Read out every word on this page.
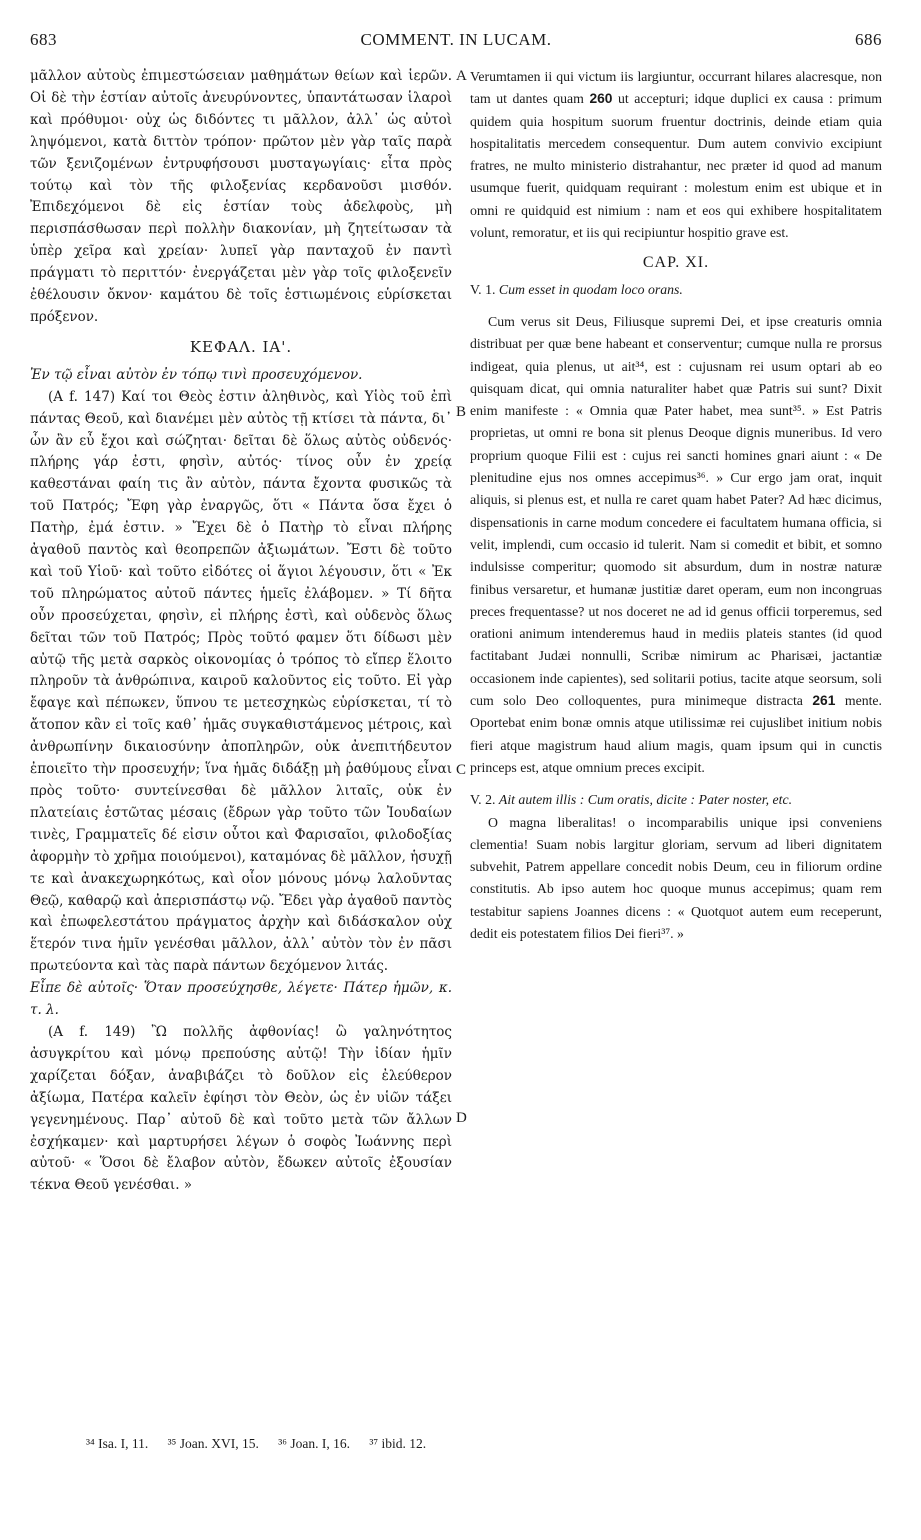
683	COMMENT. IN LUCAM.	686
A
B
C
D

μᾶλλον αὐτοὺς ἐπιμεστώσειαν μαθημάτων θείων καὶ ἱερῶν. Οἱ δὲ τὴν ἑστίαν αὐτοῖς ἀνευρύνοντες, ὑπαντάτωσαν ἱλαροὶ καὶ πρόθυμοι· οὐχ ὡς διδόντες τι μᾶλλον, ἀλλ᾽ ὡς αὐτοὶ ληψόμενοι, κατὰ διττὸν τρόπον· πρῶτον μὲν γὰρ ταῖς παρὰ τῶν ξενιζομένων ἐντρυφήσουσι μυσταγωγίαις· εἶτα πρὸς τούτῳ καὶ τὸν τῆς φιλοξενίας κερδανοῦσι μισθόν. Ἐπιδεχόμενοι δὲ εἰς ἑστίαν τοὺς ἀδελφοὺς, μὴ περισπάσθωσαν περὶ πολλὴν διακονίαν, μὴ ζητείτωσαν τὰ ὑπὲρ χεῖρα καὶ χρείαν· λυπεῖ γὰρ πανταχοῦ ἐν παντὶ πράγματι τὸ περιττόν· ἐνεργάζεται μὲν γὰρ τοῖς φιλοξενεῖν ἐθέλουσιν ὄκνον· καμάτου δὲ τοῖς ἑστιωμένοις εὑρίσκεται πρόξενον.

ΚΕΦΑΛ. ΙΑ'.

Ἐν τῷ εἶναι αὐτὸν ἐν τόπῳ τινὶ προσευχόμενον.

(A f. 147) Καί τοι Θεὸς ἐστιν ἀληθινὸς, καὶ Υἱὸς τοῦ ἐπὶ πάντας Θεοῦ, καὶ διανέμει μὲν αὐτὸς τῇ κτίσει τὰ πάντα, δι᾽ ὧν ἂν εὖ ἔχοι καὶ σώζηται· δεῖται δὲ ὅλως αὐτὸς οὐδενός· πλήρης γάρ ἐστι, φησὶν, αὐτός· τίνος οὖν ἐν χρείᾳ καθεστάναι φαίη τις ἂν αὐτὸν, πάντα ἔχοντα φυσικῶς τὰ τοῦ Πατρός; Ἔφη γὰρ ἐναργῶς, ὅτι « Πάντα ὅσα ἔχει ὁ Πατὴρ, ἐμά ἐστιν. » Ἔχει δὲ ὁ Πατὴρ τὸ εἶναι πλήρης ἀγαθοῦ παντὸς καὶ θεοπρεπῶν ἀξιωμάτων. Ἔστι δὲ τοῦτο καὶ τοῦ Υἱοῦ· καὶ τοῦτο εἰδότες οἱ ἅγιοι λέγουσιν, ὅτι « Ἐκ τοῦ πληρώματος αὐτοῦ πάντες ἡμεῖς ἐλάβομεν. » Τί δῆτα οὖν προσεύχεται, φησὶν, εἰ πλήρης ἐστὶ, καὶ οὐδενὸς ὅλως δεῖται τῶν τοῦ Πατρός; Πρὸς τοῦτό φαμεν ὅτι δίδωσι μὲν αὐτῷ τῆς μετὰ σαρκὸς οἰκονομίας ὁ τρόπος τὸ εἴπερ ἕλοιτο πληροῦν τὰ ἀνθρώπινα, καιροῦ καλοῦντος εἰς τοῦτο. Εἰ γὰρ ἔφαγε καὶ πέπωκεν, ὕπνου τε μετεσχηκὼς εὑρίσκεται, τί τὸ ἄτοπον κἂν εἰ τοῖς καθ᾽ ἡμᾶς συγκαθιστάμενος μέτροις, καὶ ἀνθρωπίνην δικαιοσύνην ἀποπληρῶν, οὐκ ἀνεπιτήδευτον ἐποιεῖτο τὴν προσευχήν; ἵνα ἡμᾶς διδάξῃ μὴ ῥαθύμους εἶναι πρὸς τοῦτο· συντείνεσθαι δὲ μᾶλλον λιταῖς, οὐκ ἐν πλατείαις ἑστῶτας μέσαις (ἔδρων γὰρ τοῦτο τῶν Ἰουδαίων τινὲς, Γραμματεῖς δέ εἰσιν οὗτοι καὶ Φαρισαῖοι, φιλοδοξίας ἀφορμὴν τὸ χρῆμα ποιούμενοι), καταμόνας δὲ μᾶλλον, ἡσυχῇ τε καὶ ἀνακεχωρηκότως, καὶ οἷον μόνους μόνῳ λαλοῦντας Θεῷ, καθαρῷ καὶ ἀπερισπάστῳ νῷ. Ἔδει γὰρ ἀγαθοῦ παντὸς καὶ ἐπωφελεστάτου πράγματος ἀρχὴν καὶ διδάσκαλον οὐχ ἕτερόν τινα ἡμῖν γενέσθαι μᾶλλον, ἀλλ᾽ αὐτὸν τὸν ἐν πᾶσι πρωτεύοντα καὶ τὰς παρὰ πάντων δεχόμενον λιτάς.

Εἶπε δὲ αὐτοῖς· Ὅταν προσεύχησθε, λέγετε· Πάτερ ἡμῶν, κ. τ. λ.

(A f. 149) Ὢ πολλῆς ἀφθονίας! ὢ γαληνότητος ἀσυγκρίτου καὶ μόνῳ πρεπούσης αὐτῷ! Τὴν ἰδίαν ἡμῖν χαρίζεται δόξαν, ἀναβιβάζει τὸ δοῦλον εἰς ἐλεύθερον ἀξίωμα, Πατέρα καλεῖν ἐφίησι τὸν Θεὸν, ὡς ἐν υἱῶν τάξει γεγενημένους. Παρ᾽ αὐτοῦ δὲ καὶ τοῦτο μετὰ τῶν ἄλλων ἐσχήκαμεν· καὶ μαρτυρήσει λέγων ὁ σοφὸς Ἰωάννης περὶ αὐτοῦ· « Ὅσοι δὲ ἔλαβον αὐτὸν, ἔδωκεν αὐτοῖς ἐξουσίαν τέκνα Θεοῦ γενέσθαι. »

Verumtamen ii qui victum iis largiuntur, occurrant hilares alacresque, non tam ut dantes quam 260 ut accepturi; idque duplici ex causa : primum quidem quia hospitum suorum fruentur doctrinis, deinde etiam quia hospitalitatis mercedem consequentur. Dum autem convivio excipiunt fratres, ne multo ministerio distrahantur, nec præter id quod ad manum usumque fuerit, quidquam requirant : molestum enim est ubique et in omni re quidquid est nimium : nam et eos qui exhibere hospitalitatem volunt, remoratur, et iis qui recipiuntur hospitio grave est.

CAP. XI.

V. 1. Cum esset in quodam loco orans.

Cum verus sit Deus, Filiusque supremi Dei, et ipse creaturis omnia distribuat per quæ bene habeant et conserventur; cumque nulla re prorsus indigeat, quia plenus, ut ait³⁴, est : cujusnam rei usum optari ab eo quisquam dicat, qui omnia naturaliter habet quæ Patris sui sunt? Dixit enim manifeste : « Omnia quæ Pater habet, mea sunt³⁵. » Est Patris proprietas, ut omni re bona sit plenus Deoque dignis muneribus. Id vero proprium quoque Filii est : cujus rei sancti homines gnari aiunt : « De plenitudine ejus nos omnes accepimus³⁶. » Cur ergo jam orat, inquit aliquis, si plenus est, et nulla re caret quam habet Pater? Ad hæc dicimus, dispensationis in carne modum concedere ei facultatem humana officia, si velit, implendi, cum occasio id tulerit. Nam si comedit et bibit, et somno indulsisse comperitur; quomodo sit absurdum, dum in nostræ naturæ finibus versaretur, et humanæ justitiæ daret operam, eum non incongruas preces frequentasse? ut nos doceret ne ad id genus officii torperemus, sed orationi animum intenderemus haud in mediis plateis stantes (id quod factitabant Judæi nonnulli, Scribæ nimirum ac Pharisæi, jactantiæ occasionem inde capientes), sed solitarii potius, tacite atque seorsum, soli cum solo Deo colloquentes, pura minimeque distracta 261 mente. Oportebat enim bonæ omnis atque utilissimæ rei cujuslibet initium nobis fieri atque magistrum haud alium magis, quam ipsum qui in cunctis princeps est, atque omnium preces excipit.

V. 2. Ait autem illis : Cum oratis, dicite : Pater noster, etc.

O magna liberalitas! o incomparabilis unique ipsi conveniens clementia! Suam nobis largitur gloriam, servum ad liberi dignitatem subvehit, Patrem appellare concedit nobis Deum, ceu in filiorum ordine constitutis. Ab ipso autem hoc quoque munus accepimus; quam rem testabitur sapiens Joannes dicens : « Quotquot autem eum receperunt, dedit eis potestatem filios Dei fieri³⁷. »

³⁴ Isa. I, 11. ³⁵ Joan. XVI, 15. ³⁶ Joan. I, 16. ³⁷ ibid. 12.
